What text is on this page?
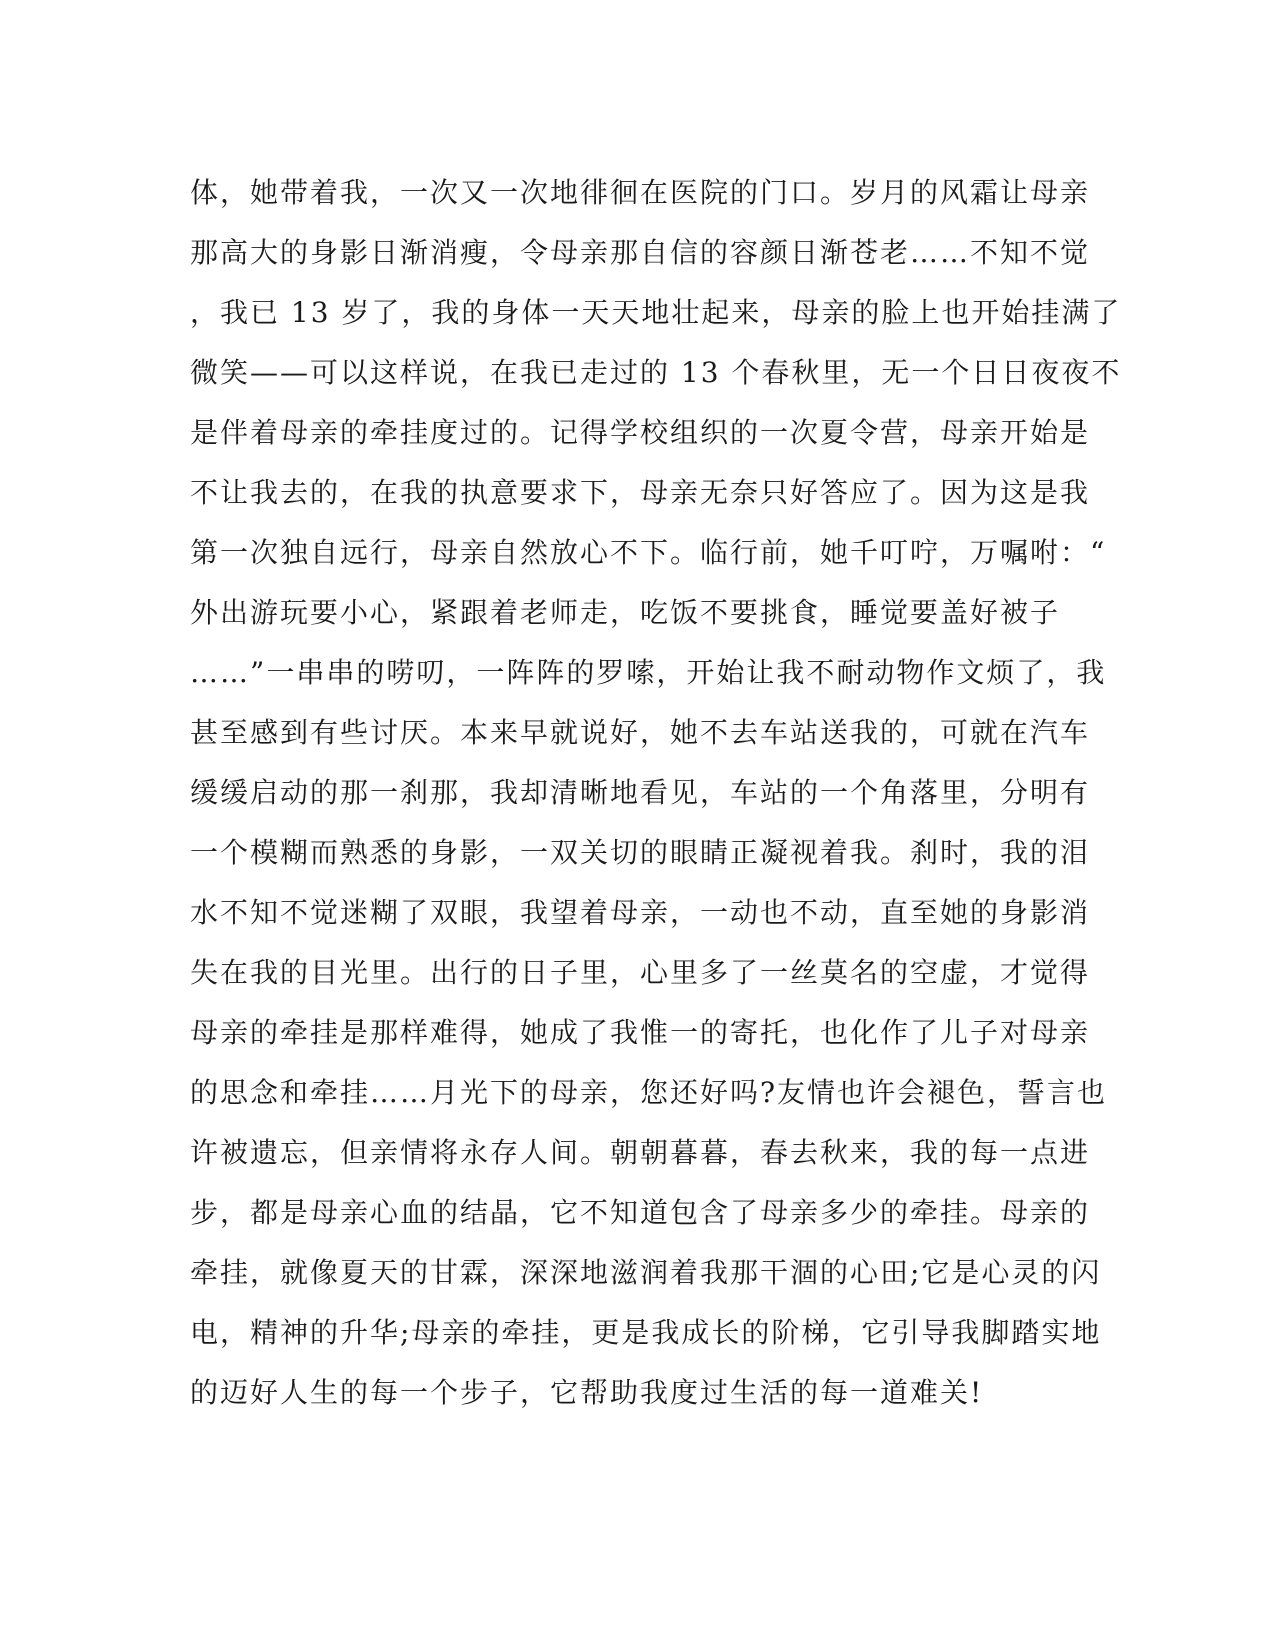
体，她带着我，一次又一次地徘徊在医院的门口。岁月的风霜让母亲
那高大的身影日渐消瘦，令母亲那自信的容颜日渐苍老……不知不觉
，我已 13 岁了，我的身体一天天地壮起来，母亲的脸上也开始挂满了
微笑——可以这样说，在我已走过的 13 个春秋里，无一个日日夜夜不
是伴着母亲的牵挂度过的。记得学校组织的一次夏令营，母亲开始是
不让我去的，在我的执意要求下，母亲无奈只好答应了。因为这是我
第一次独自远行，母亲自然放心不下。临行前，她千叮咛，万嘱咐：“
外出游玩要小心，紧跟着老师走，吃饭不要挑食，睡觉要盖好被子
……”一串串的唠叨，一阵阵的罗嗦，开始让我不耐动物作文烦了，我
甚至感到有些讨厌。本来早就说好，她不去车站送我的，可就在汽车
缓缓启动的那一刹那，我却清晰地看见，车站的一个角落里，分明有
一个模糊而熟悉的身影，一双关切的眼睛正凝视着我。刹时，我的泪
水不知不觉迷糊了双眼，我望着母亲，一动也不动，直至她的身影消
失在我的目光里。出行的日子里，心里多了一丝莫名的空虚，才觉得
母亲的牵挂是那样难得，她成了我惟一的寄托，也化作了儿子对母亲
的思念和牵挂……月光下的母亲，您还好吗?友情也许会褪色，誓言也
许被遗忘，但亲情将永存人间。朝朝暮暮，春去秋来，我的每一点进
步，都是母亲心血的结晶，它不知道包含了母亲多少的牵挂。母亲的
牵挂，就像夏天的甘霖，深深地滋润着我那干涸的心田;它是心灵的闪
电，精神的升华;母亲的牵挂，更是我成长的阶梯，它引导我脚踏实地
的迈好人生的每一个步子，它帮助我度过生活的每一道难关!
